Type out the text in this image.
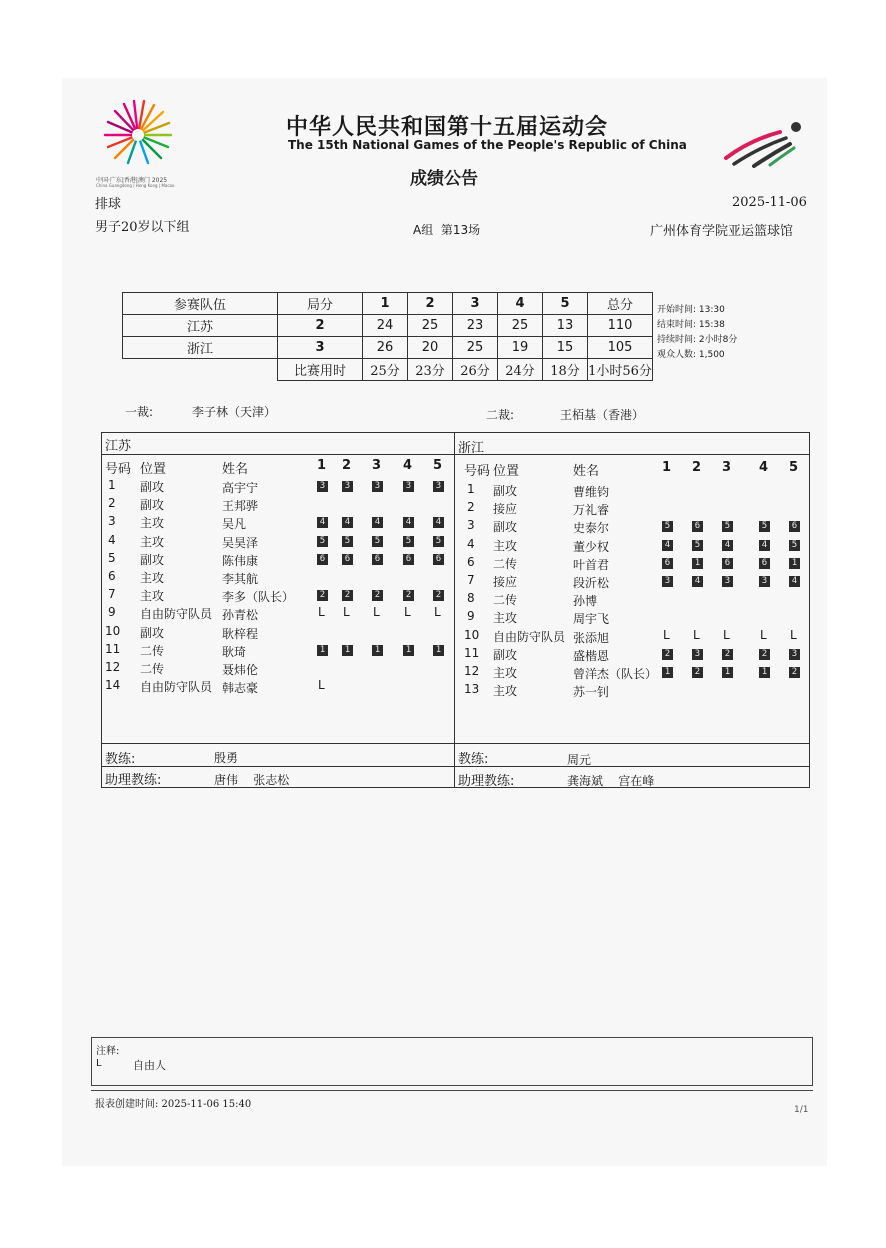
中国·广东|香港|澳门 2025
China Guangdong | Hong Kong | Macao
中华人民共和国第十五届运动会
The 15th National Games of the People's Republic of China
成绩公告
排球	2025-11-06
男子20岁以下组	A组  第13场	广州体育学院亚运篮球馆
参赛队伍	局分	1	2	3	4	5	总分
江苏	2	24	25	23	25	13	110
浙江	3	26	20	25	19	15	105
	比赛用时	25分	23分	26分	24分	18分	1小时56分
开始时间: 13:30
结束时间: 15:38
持续时间: 2小时8分
观众人数: 1,500
一裁:	李子林（天津）	二裁:	王栢基（香港）
江苏	浙江
号码 位置	姓名	1 2 3 4 5
1 副攻	高宇宁	3	3	3	3	3
2 副攻	王邦骅
3 主攻	吴凡	4	4	4	4	4
4 主攻	吴昊泽	5	5	5	5	5
5 副攻	陈伟康	6	6	6	6	6
6 主攻	李其航
7 主攻	李多（队长）	2	2	2	2	2
9 自由防守队员 孙青松	L L L L L
10 副攻	耿梓程
11 二传	耿琦	1	1	1	1	1
12 二传	聂炜伦
14 自由防守队员 韩志豪	L
号码 位置	姓名	1 2 3 4 5
1 副攻	曹维钧
2 接应	万礼睿
3 副攻	史泰尔	5	6	5	5	6
4 主攻	董少权	4	5	4	4	5
6 二传	叶首君	6	1	6	6	1
7 接应	段沂松	3	4	3	3	4
8 二传	孙博
9 主攻	周宇飞
10 自由防守队员 张添旭	L L L	L L
11 副攻	盛楷恩	2	3	2	2	3
12 主攻	曾洋杰（队长） 1	2	1	1	2
13 主攻	苏一钊
教练:	殷勇
助理教练:	唐伟    张志松
教练:	周元
助理教练:	龚海斌    宫在峰
注释:
L	自由人
报表创建时间: 2025-11-06 15:40	1/1
